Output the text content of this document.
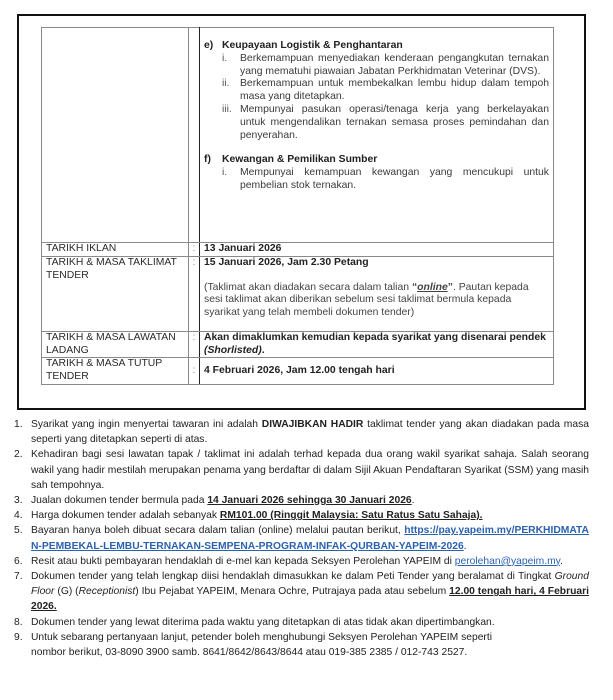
e) Keupayaan Logistik & Penghantaran
i.	Berkemampuan menyediakan kenderaan pengangkutan ternakan yang mematuhi piawaian Jabatan Perkhidmatan Veterinar (DVS).
ii.	Berkemampuan untuk membekalkan lembu hidup dalam tempoh masa yang ditetapkan.
iii. Mempunyai pasukan operasi/tenaga kerja yang berkelayakan untuk mengendalikan ternakan semasa proses pemindahan dan penyerahan.
f)	Kewangan & Pemilikan Sumber
i.	Mempunyai kemampuan kewangan yang mencukupi untuk pembelian stok ternakan.

TARIKH IKLAN	:	13 Januari 2026
TARIKH & MASA TAKLIMAT TENDER	:	15 Januari 2026, Jam 2.30 Petang
(Taklimat akan diadakan secara dalam talian “online”. Pautan kepada sesi taklimat akan diberikan sebelum sesi taklimat bermula kepada syarikat yang telah membeli dokumen tender)

TARIKH & MASA LAWATAN LADANG	:	Akan dimaklumkan kemudian kepada syarikat yang disenarai pendek (Shorlisted).
TARIKH & MASA TUTUP TENDER	:	4 Februari 2026, Jam 12.00 tengah hari
1. Syarikat yang ingin menyertai tawaran ini adalah DIWAJIBKAN HADIR taklimat tender yang akan diadakan pada masa seperti yang ditetapkan seperti di atas.
2. Kehadiran bagi sesi lawatan tapak / taklimat ini adalah terhad kepada dua orang wakil syarikat sahaja. Salah seorang wakil yang hadir mestilah merupakan penama yang berdaftar di dalam Sijil Akuan Pendaftaran Syarikat (SSM) yang masih sah tempohnya.
3. Jualan dokumen tender bermula pada 14 Januari 2026 sehingga 30 Januari 2026.
4. Harga dokumen tender adalah sebanyak RM101.00 (Ringgit Malaysia: Satu Ratus Satu Sahaja).
5. Bayaran hanya boleh dibuat secara dalam talian (online) melalui pautan berikut, https://pay.yapeim.my/PERKHIDMATAN-PEMBEKAL-LEMBU-TERNAKAN-SEMPENA-PROGRAM-INFAK-QURBAN-YAPEIM-2026.
6. Resit atau bukti pembayaran hendaklah di e-mel kan kepada Seksyen Perolehan YAPEIM di perolehan@yapeim.my.
7. Dokumen tender yang telah lengkap diisi hendaklah dimasukkan ke dalam Peti Tender yang beralamat di Tingkat Ground Floor (G) (Receptionist) Ibu Pejabat YAPEIM, Menara Ochre, Putrajaya pada atau sebelum 12.00 tengah hari, 4 Februari 2026.
8. Dokumen tender yang lewat diterima pada waktu yang ditetapkan di atas tidak akan dipertimbangkan.
9. Untuk sebarang pertanyaan lanjut, petender boleh menghubungi Seksyen Perolehan YAPEIM seperti
nombor berikut, 03-8090 3900 samb. 8641/8642/8643/8644 atau 019-385 2385 / 012-743 2527.
